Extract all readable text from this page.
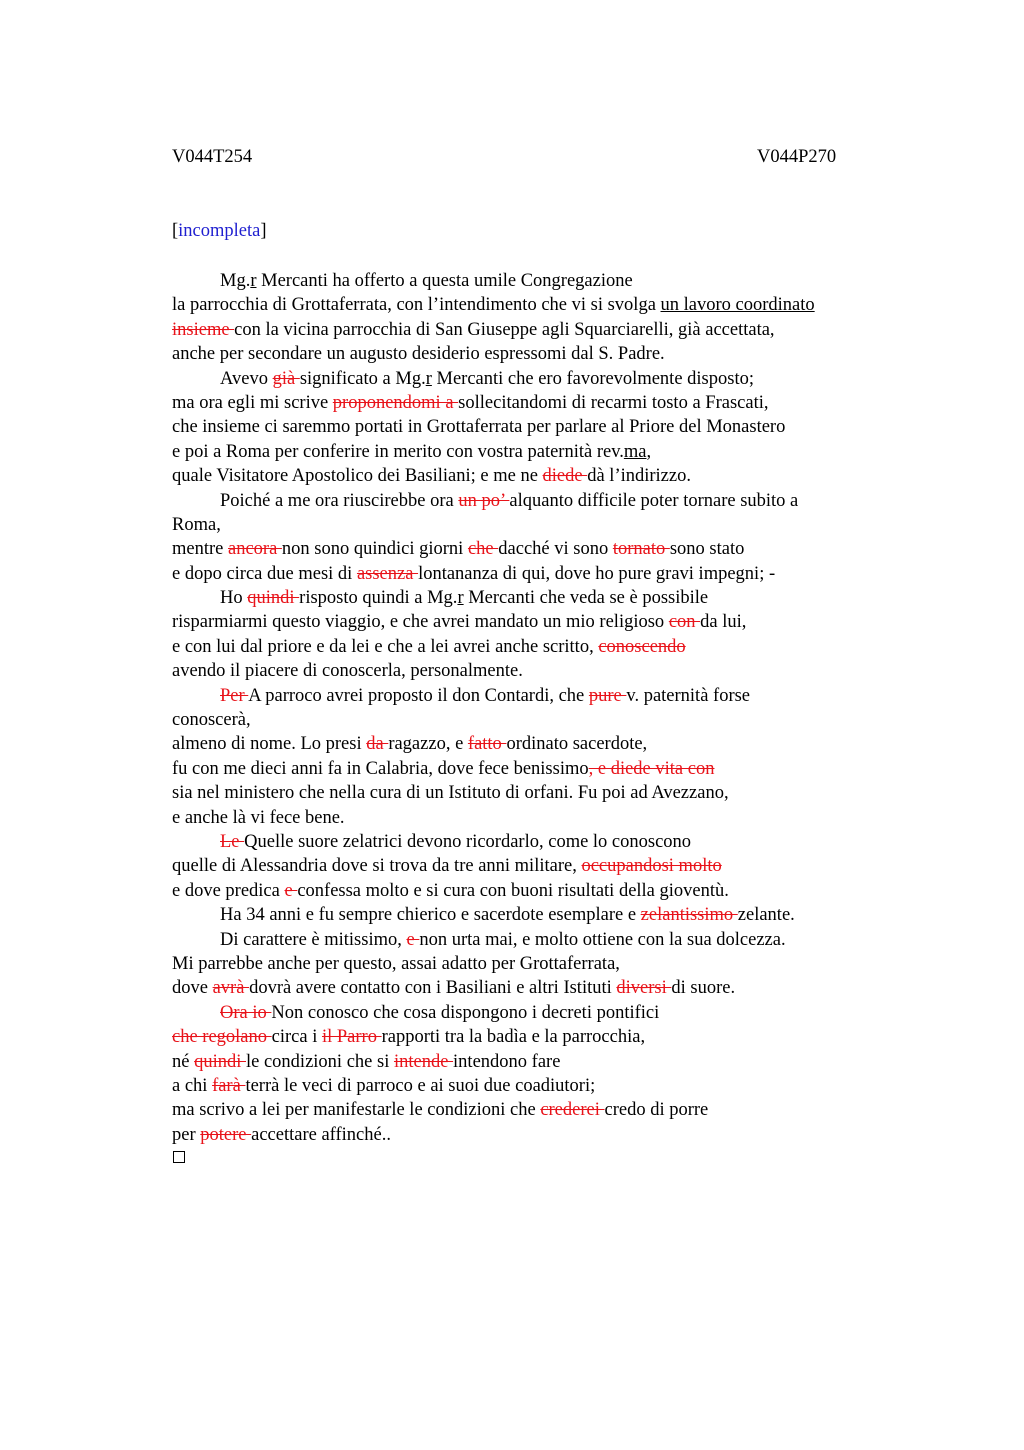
V044T254	V044P270
[incompleta]
Mg.r Mercanti ha offerto a questa umile Congregazione
la parrocchia di Grottaferrata, con l’intendimento che vi si svolga un lavoro coordinato
insieme con la vicina parrocchia di San Giuseppe agli Squarciarelli, già accettata,
anche per secondare un augusto desiderio espressomi dal S. Padre.
Avevo già significato a Mg.r Mercanti che ero favorevolmente disposto;
ma ora egli mi scrive proponendomi a sollecitandomi di recarmi tosto a Frascati,
che insieme ci saremmo portati in Grottaferrata per parlare al Priore del Monastero
e poi a Roma per conferire in merito con vostra paternità rev.ma,
quale Visitatore Apostolico dei Basiliani; e me ne diede dà l’indirizzo.
Poiché a me ora riuscirebbe ora un po’ alquanto difficile poter tornare subito a
Roma,
mentre ancora non sono quindici giorni che dacché vi sono tornato sono stato
e dopo circa due mesi di assenza lontananza di qui, dove ho pure gravi impegni; -
Ho quindi risposto quindi a Mg.r Mercanti che veda se è possibile
risparmiarmi questo viaggio, e che avrei mandato un mio religioso con da lui,
e con lui dal priore e da lei e che a lei avrei anche scritto, conoscendo
avendo il piacere di conoscerla, personalmente.
Per A parroco avrei proposto il don Contardi, che pure v. paternità forse
conoscerà,
almeno di nome. Lo presi da ragazzo, e fatto ordinato sacerdote,
fu con me dieci anni fa in Calabria, dove fece benissimo, e diede vita con
sia nel ministero che nella cura di un Istituto di orfani. Fu poi ad Avezzano,
e anche là vi fece bene.
Le Quelle suore zelatrici devono ricordarlo, come lo conoscono
quelle di Alessandria dove si trova da tre anni militare, occupandosi molto
e dove predica e confessa molto e si cura con buoni risultati della gioventù.
Ha 34 anni e fu sempre chierico e sacerdote esemplare e zelantissimo zelante.
Di carattere è mitissimo, e non urta mai, e molto ottiene con la sua dolcezza.
Mi parrebbe anche per questo, assai adatto per Grottaferrata,
dove avrà dovrà avere contatto con i Basiliani e altri Istituti diversi di suore.
Ora io Non conosco che cosa dispongono i decreti pontifici
che regolano circa i il Parro rapporti tra la badìa e la parrocchia,
né quindi le condizioni che si intende intendono fare
a chi farà terrà le veci di parroco e ai suoi due coadiutori;
ma scrivo a lei per manifestarle le condizioni che crederei credo di porre
per potere accettare affinché..
